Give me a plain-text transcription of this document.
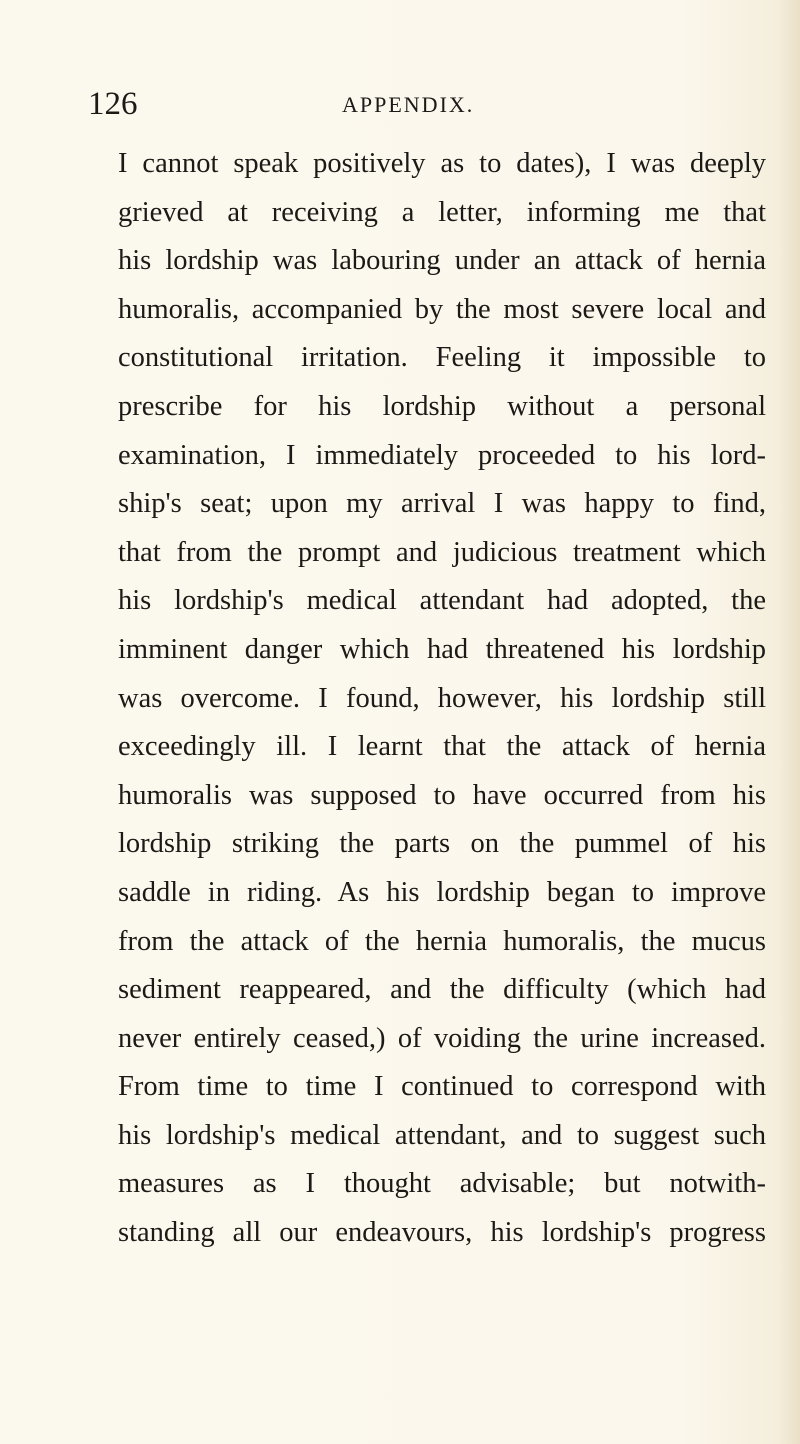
126	APPENDIX.
I cannot speak positively as to dates), I was deeply
grieved at receiving a letter, informing me that
his lordship was labouring under an attack of hernia
humoralis, accompanied by the most severe local and
constitutional irritation. Feeling it impossible to
prescribe for his lordship without a personal
examination, I immediately proceeded to his lord-
ship's seat; upon my arrival I was happy to find,
that from the prompt and judicious treatment which
his lordship's medical attendant had adopted, the
imminent danger which had threatened his lordship
was overcome. I found, however, his lordship still
exceedingly ill. I learnt that the attack of hernia
humoralis was supposed to have occurred from his
lordship striking the parts on the pummel of his
saddle in riding. As his lordship began to improve
from the attack of the hernia humoralis, the mucus
sediment reappeared, and the difficulty (which had
never entirely ceased,) of voiding the urine increased.
From time to time I continued to correspond with
his lordship's medical attendant, and to suggest such
measures as I thought advisable; but notwith-
standing all our endeavours, his lordship's progress
